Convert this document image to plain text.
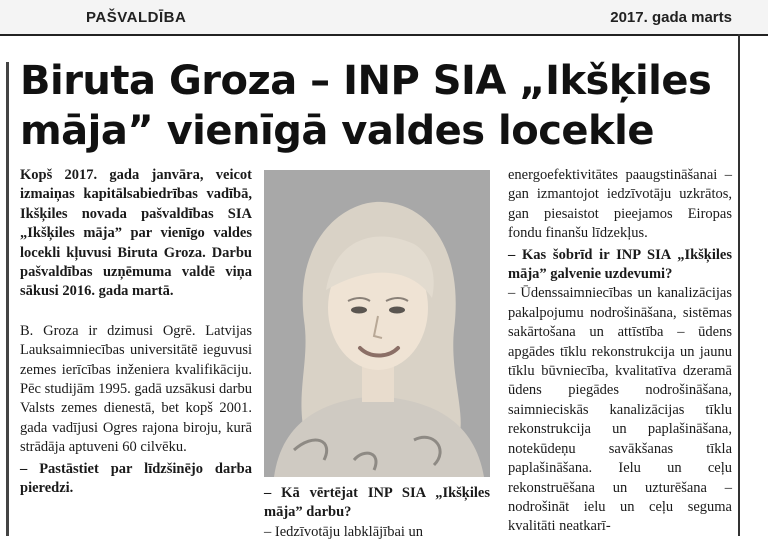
PAŠVALDĪBA	2017. gada marts
Biruta Groza – INP SIA „Ikšķiles māja” vienīgā valdes locekle

Kopš 2017. gada janvāra, veicot izmaiņas kapitālsabiedrības vadībā, Ikšķiles novada pašvaldības SIA „Ikšķiles māja” par vienīgo valdes locekli kļuvusi Biruta Groza. Darbu pašvaldības uzņēmuma valdē viņa sākusi 2016. gada martā.

B. Groza ir dzimusi Ogrē. Latvijas Lauksaimniecības universitātē ieguvusi zemes ierīcības inženiera kvalifikāciju. Pēc studijām 1995. gadā uzsākusi darbu Valsts zemes dienestā, bet kopš 2001. gada vadījusi Ogres rajona biroju, kurā strādāja aptuveni 60 cilvēku.

– Pastāstiet par līdzšinējo darba pieredzi.	– Kā vērtējat INP SIA „Ikšķiles māja” darbu?

– Iedzīvotāju labklājībai un

energoefektivitātes paaugstināšanai – gan izmantojot iedzīvotāju uzkrātos, gan piesaistot pieejamos Eiropas fondu finanšu līdzekļus.

– Kas šobrīd ir INP SIA „Ikšķiles māja” galvenie uzdevumi?

– Ūdenssaimniecības un kanalizācijas pakalpojumu nodrošināšana, sistēmas sakārtošana un attīstība – ūdens apgādes tīklu rekonstrukcija un jaunu tīklu būvniecība, kvalitatīva dzeramā ūdens piegādes nodrošināšana, saimnieciskās kanalizācijas tīklu rekonstrukcija un paplašināšana, notekūdeņu savākšanas tīkla paplašināšana. Ielu un ceļu rekonstruēšana un uzturēšana – nodrošināt ielu un ceļu seguma kvalitāti neatkarī-
